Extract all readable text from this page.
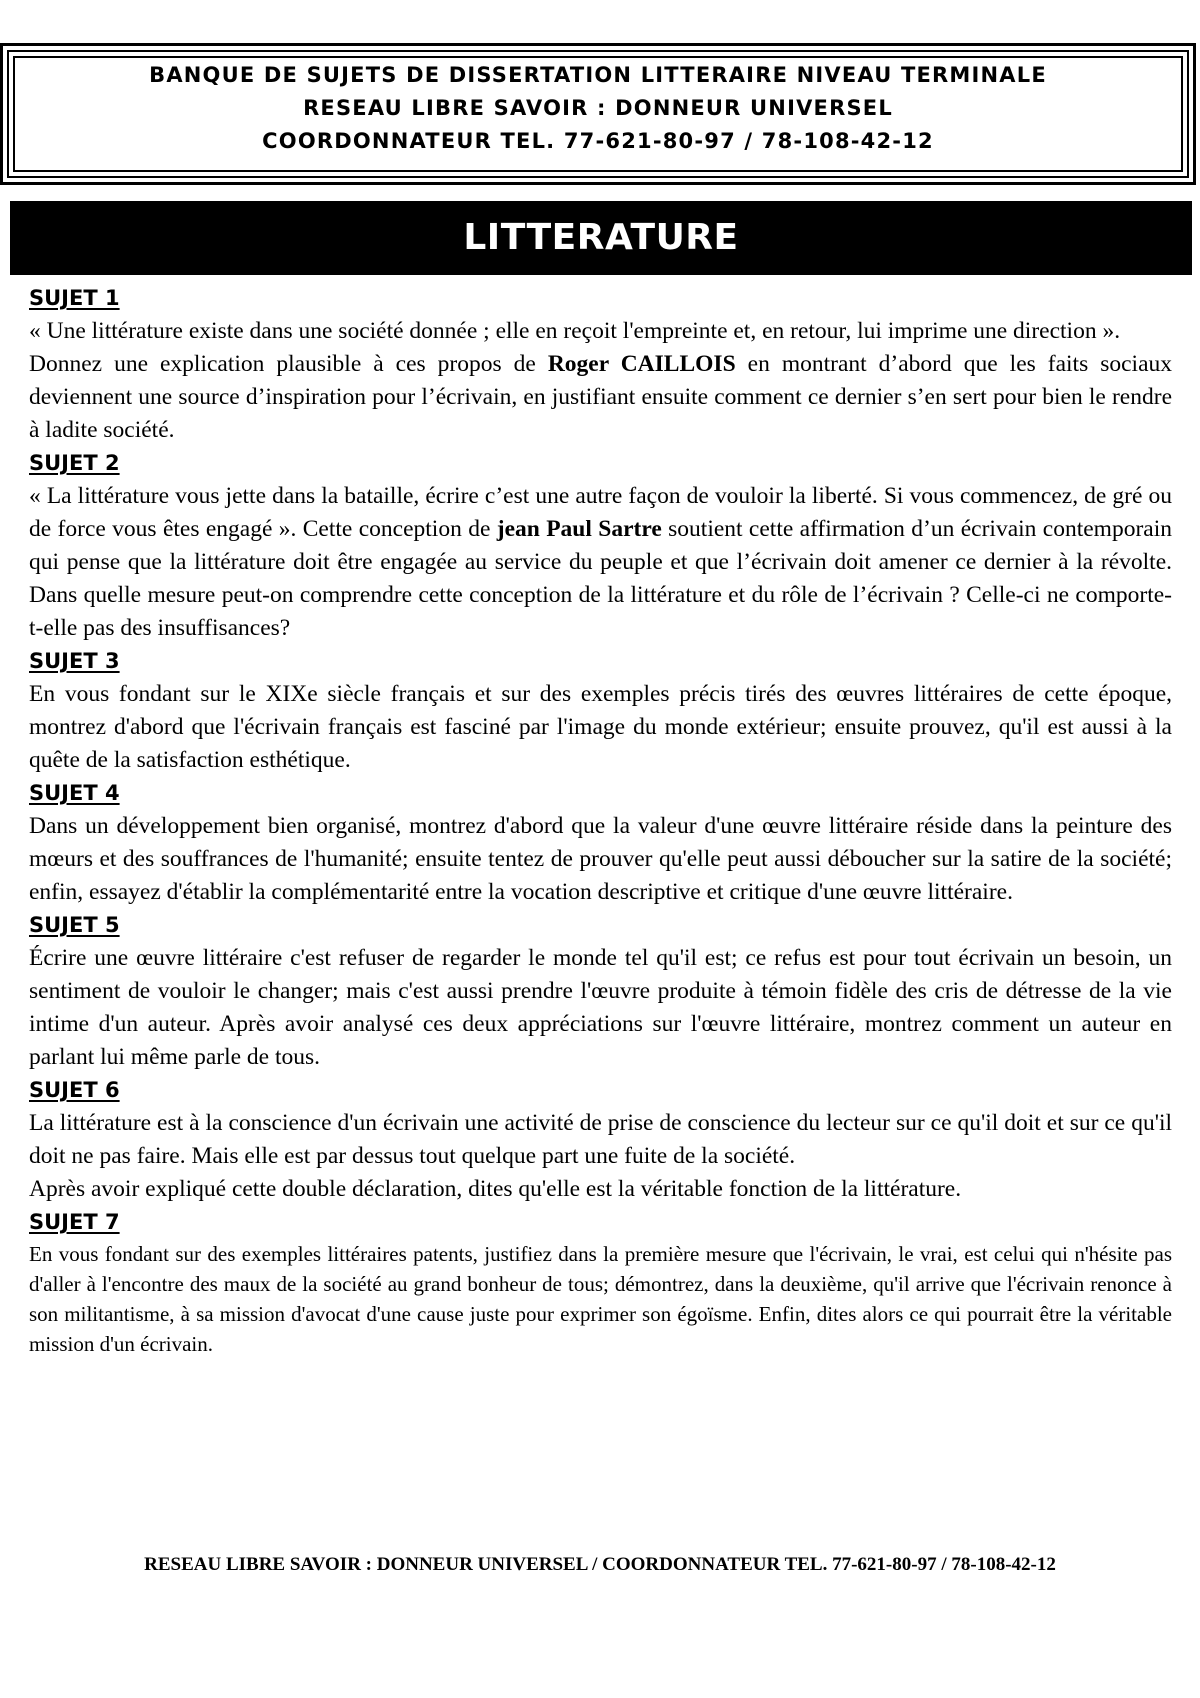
BANQUE DE SUJETS DE DISSERTATION LITTERAIRE NIVEAU TERMINALE
RESEAU LIBRE SAVOIR : DONNEUR UNIVERSEL
COORDONNATEUR TEL. 77-621-80-97 / 78-108-42-12
LITTERATURE
SUJET 1

« Une littérature existe dans une société donnée ; elle en reçoit l'empreinte et, en retour, lui imprime une direction ».

Donnez une explication plausible à ces propos de Roger CAILLOIS en montrant d’abord que les faits sociaux deviennent une source d’inspiration pour l’écrivain, en justifiant ensuite comment ce dernier s’en sert pour bien le rendre à ladite société.

SUJET 2

« La littérature vous jette dans la bataille, écrire c’est une autre façon de vouloir la liberté. Si vous commencez, de gré ou de force vous êtes engagé ». Cette conception de jean Paul Sartre soutient cette affirmation d’un écrivain contemporain qui pense que la littérature doit être engagée au service du peuple et que l’écrivain doit amener ce dernier à la révolte. Dans quelle mesure peut-on comprendre cette conception de la littérature et du rôle de l’écrivain ? Celle-ci ne comporte-t-elle pas des insuffisances?

SUJET 3

En vous fondant sur le XIXe siècle français et sur des exemples précis tirés des œuvres littéraires de cette époque, montrez d'abord que l'écrivain français est fasciné par l'image du monde extérieur; ensuite prouvez, qu'il est aussi à la quête de la satisfaction esthétique.

SUJET 4

Dans un développement bien organisé, montrez d'abord que la valeur d'une œuvre littéraire réside dans la peinture des mœurs et des souffrances de l'humanité; ensuite tentez de prouver qu'elle peut aussi déboucher sur la satire de la société; enfin, essayez d'établir la complémentarité entre la vocation descriptive et critique d'une œuvre littéraire.

SUJET 5

Écrire une œuvre littéraire c'est refuser de regarder le monde tel qu'il est; ce refus est pour tout écrivain un besoin, un sentiment de vouloir le changer; mais c'est aussi prendre l'œuvre produite à témoin fidèle des cris de détresse de la vie intime d'un auteur. Après avoir analysé ces deux appréciations sur l'œuvre littéraire, montrez comment un auteur en parlant lui même parle de tous.

SUJET 6

La littérature est à la conscience d'un écrivain une activité de prise de conscience du lecteur sur ce qu'il doit et sur ce qu'il doit ne pas faire. Mais elle est par dessus tout quelque part une fuite de la société.

Après avoir expliqué cette double déclaration, dites qu'elle est la véritable fonction de la littérature.

SUJET 7

En vous fondant sur des exemples littéraires patents, justifiez dans la première mesure que l'écrivain, le vrai, est celui qui n'hésite pas d'aller à l'encontre des maux de la société au grand bonheur de tous; démontrez, dans la deuxième, qu'il arrive que l'écrivain renonce à son militantisme, à sa mission d'avocat d'une cause juste pour exprimer son égoïsme. Enfin, dites alors ce qui pourrait être la véritable mission d'un écrivain.

RESEAU LIBRE SAVOIR : DONNEUR UNIVERSEL / COORDONNATEUR TEL. 77-621-80-97 / 78-108-42-12
